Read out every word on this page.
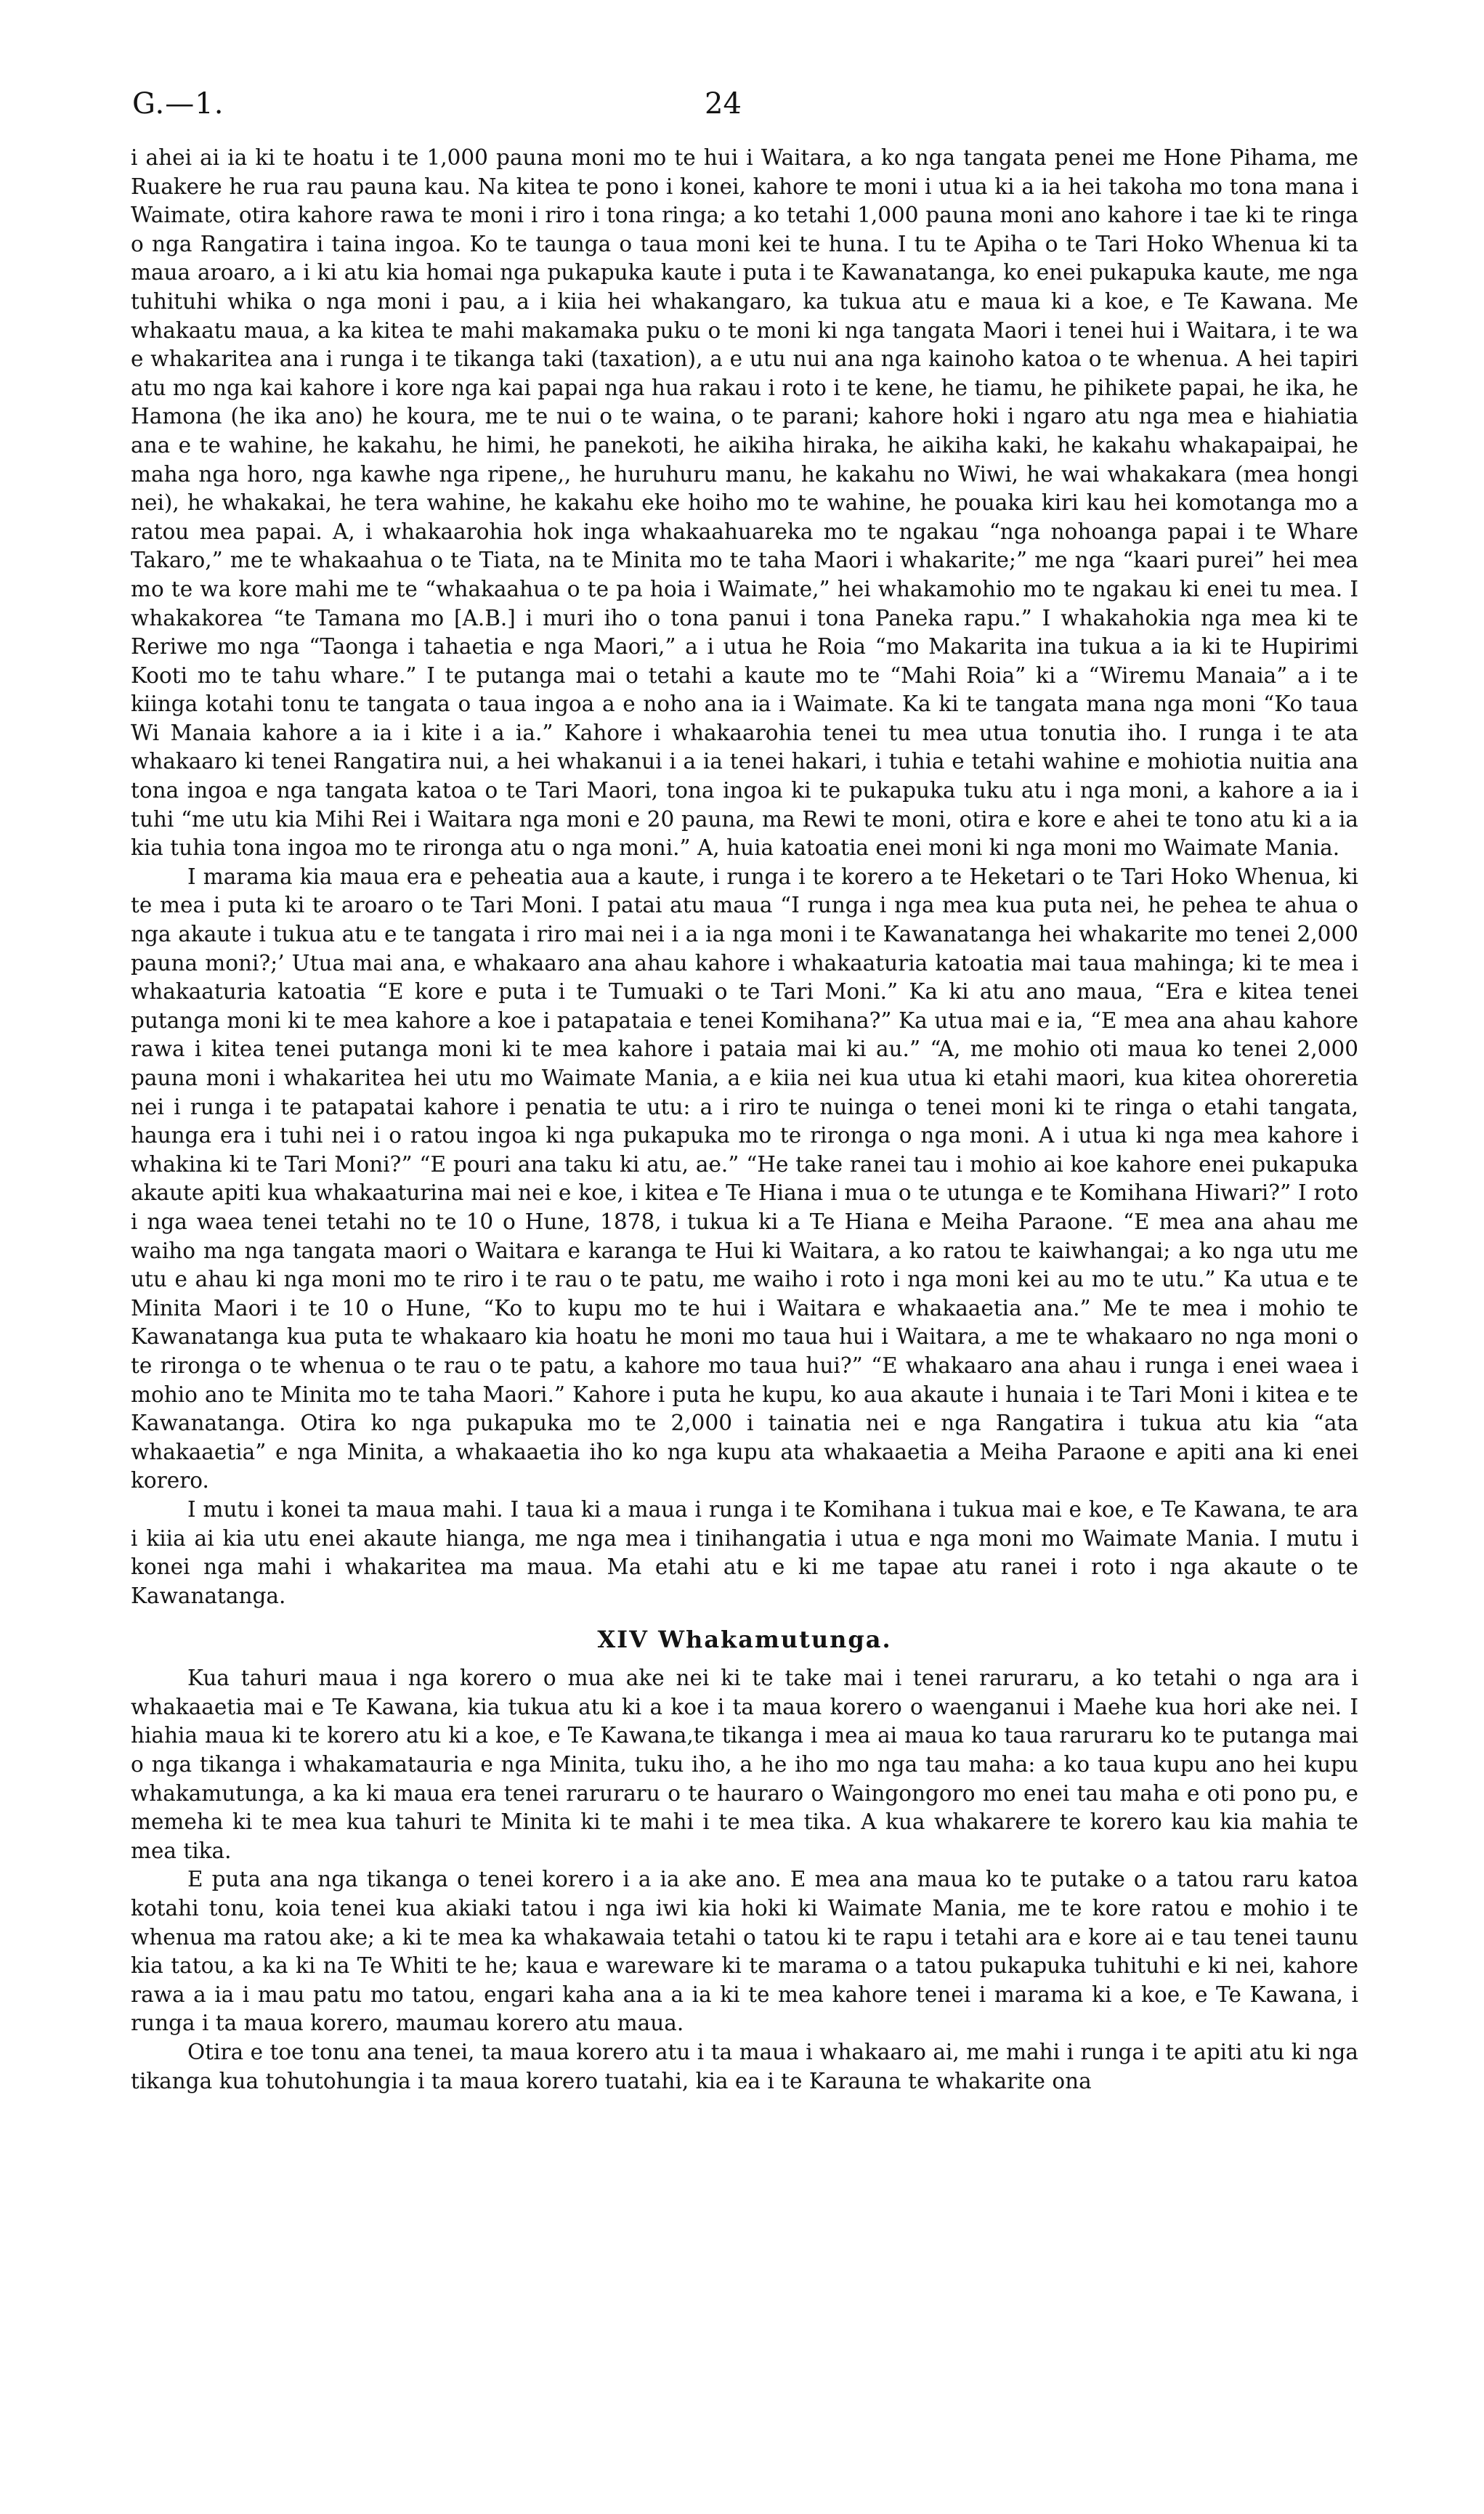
G.—1.	24

i ahei ai ia ki te hoatu i te 1,000 pauna moni mo te hui i Waitara, a ko nga tangata penei me Hone Pihama, me Ruakere he rua rau pauna kau. Na kitea te pono i konei, kahore te moni i utua ki a ia hei takoha mo tona mana i Waimate, otira kahore rawa te moni i riro i tona ringa; a ko tetahi 1,000 pauna moni ano kahore i tae ki te ringa o nga Rangatira i taina ingoa. Ko te taunga o taua moni kei te huna. I tu te Apiha o te Tari Hoko Whenua ki ta maua aroaro, a i ki atu kia homai nga pukapuka kaute i puta i te Kawanatanga, ko enei pukapuka kaute, me nga tuhituhi whika o nga moni i pau, a i kiia hei whakangaro, ka tukua atu e maua ki a koe, e Te Kawana. Me whakaatu maua, a ka kitea te mahi makamaka puku o te moni ki nga tangata Maori i tenei hui i Waitara, i te wa e whakaritea ana i runga i te tikanga taki (taxation), a e utu nui ana nga kainoho katoa o te whenua. A hei tapiri atu mo nga kai kahore i kore nga kai papai nga hua rakau i roto i te kene, he tiamu, he pihikete papai, he ika, he Hamona (he ika ano) he koura, me te nui o te waina, o te parani; kahore hoki i ngaro atu nga mea e hiahiatia ana e te wahine, he kakahu, he himi, he panekoti, he aikiha hiraka, he aikiha kaki, he kakahu whakapaipai, he maha nga horo, nga kawhe nga ripene,, he huruhuru manu, he kakahu no Wiwi, he wai whakakara (mea hongi nei), he whakakai, he tera wahine, he kakahu eke hoiho mo te wahine, he pouaka kiri kau hei komotanga mo a ratou mea papai. A, i whakaarohia hok inga whakaahuareka mo te ngakau “nga nohoanga papai i te Whare Takaro,” me te whakaahua o te Tiata, na te Minita mo te taha Maori i whakarite;” me nga “kaari purei” hei mea mo te wa kore mahi me te “whakaahua o te pa hoia i Waimate,” hei whakamohio mo te ngakau ki enei tu mea. I whakakorea “te Tamana mo [A.B.] i muri iho o tona panui i tona Paneka rapu.” I whakahokia nga mea ki te Reriwe mo nga “Taonga i tahaetia e nga Maori,” a i utua he Roia “mo Makarita ina tukua a ia ki te Hupirimi Kooti mo te tahu whare.” I te putanga mai o tetahi a kaute mo te “Mahi Roia” ki a “Wiremu Manaia” a i te kiinga kotahi tonu te tangata o taua ingoa a e noho ana ia i Waimate. Ka ki te tangata mana nga moni “Ko taua Wi Manaia kahore a ia i kite i a ia.” Kahore i whakaarohia tenei tu mea utua tonutia iho. I runga i te ata whakaaro ki tenei Rangatira nui, a hei whakanui i a ia tenei hakari, i tuhia e tetahi wahine e mohiotia nuitia ana tona ingoa e nga tangata katoa o te Tari Maori, tona ingoa ki te pukapuka tuku atu i nga moni, a kahore a ia i tuhi “me utu kia Mihi Rei i Waitara nga moni e 20 pauna, ma Rewi te moni, otira e kore e ahei te tono atu ki a ia kia tuhia tona ingoa mo te rironga atu o nga moni.” A, huia katoatia enei moni ki nga moni mo Waimate Mania.

I marama kia maua era e peheatia aua a kaute, i runga i te korero a te Heketari o te Tari Hoko Whenua, ki te mea i puta ki te aroaro o te Tari Moni. I patai atu maua “I runga i nga mea kua puta nei, he pehea te ahua o nga akaute i tukua atu e te tangata i riro mai nei i a ia nga moni i te Kawanatanga hei whakarite mo tenei 2,000 pauna moni?;’ Utua mai ana, e whakaaro ana ahau kahore i whakaaturia katoatia mai taua mahinga; ki te mea i whakaaturia katoatia “E kore e puta i te Tumuaki o te Tari Moni.” Ka ki atu ano maua, “Era e kitea tenei putanga moni ki te mea kahore a koe i patapataia e tenei Komihana?” Ka utua mai e ia, “E mea ana ahau kahore rawa i kitea tenei putanga moni ki te mea kahore i pataia mai ki au.” “A, me mohio oti maua ko tenei 2,000 pauna moni i whakaritea hei utu mo Waimate Mania, a e kiia nei kua utua ki etahi maori, kua kitea ohoreretia nei i runga i te patapatai kahore i penatia te utu: a i riro te nuinga o tenei moni ki te ringa o etahi tangata, haunga era i tuhi nei i o ratou ingoa ki nga pukapuka mo te rironga o nga moni. A i utua ki nga mea kahore i whakina ki te Tari Moni?” “E pouri ana taku ki atu, ae.” “He take ranei tau i mohio ai koe kahore enei pukapuka akaute apiti kua whakaaturina mai nei e koe, i kitea e Te Hiana i mua o te utunga e te Komihana Hiwari?” I roto i nga waea tenei tetahi no te 10 o Hune, 1878, i tukua ki a Te Hiana e Meiha Paraone. “E mea ana ahau me waiho ma nga tangata maori o Waitara e karanga te Hui ki Waitara, a ko ratou te kaiwhangai; a ko nga utu me utu e ahau ki nga moni mo te riro i te rau o te patu, me waiho i roto i nga moni kei au mo te utu.” Ka utua e te Minita Maori i te 10 o Hune, “Ko to kupu mo te hui i Waitara e whakaaetia ana.” Me te mea i mohio te Kawanatanga kua puta te whakaaro kia hoatu he moni mo taua hui i Waitara, a me te whakaaro no nga moni o te rironga o te whenua o te rau o te patu, a kahore mo taua hui?” “E whakaaro ana ahau i runga i enei waea i mohio ano te Minita mo te taha Maori.” Kahore i puta he kupu, ko aua akaute i hunaia i te Tari Moni i kitea e te Kawanatanga. Otira ko nga pukapuka mo te 2,000 i tainatia nei e nga Rangatira i tukua atu kia “ata whakaaetia” e nga Minita, a whakaaetia iho ko nga kupu ata whakaaetia a Meiha Paraone e apiti ana ki enei korero.

I mutu i konei ta maua mahi. I taua ki a maua i runga i te Komihana i tukua mai e koe, e Te Kawana, te ara i kiia ai kia utu enei akaute hianga, me nga mea i tinihangatia i utua e nga moni mo Waimate Mania. I mutu i konei nga mahi i whakaritea ma maua. Ma etahi atu e ki me tapae atu ranei i roto i nga akaute o te Kawanatanga.

XIV Whakamutunga.

Kua tahuri maua i nga korero o mua ake nei ki te take mai i tenei raruraru, a ko tetahi o nga ara i whakaaetia mai e Te Kawana, kia tukua atu ki a koe i ta maua korero o waenganui i Maehe kua hori ake nei. I hiahia maua ki te korero atu ki a koe, e Te Kawana,te tikanga i mea ai maua ko taua raruraru ko te putanga mai o nga tikanga i whakamatauria e nga Minita, tuku iho, a he iho mo nga tau maha: a ko taua kupu ano hei kupu whakamutunga, a ka ki maua era tenei raruraru o te hauraro o Waingongoro mo enei tau maha e oti pono pu, e memeha ki te mea kua tahuri te Minita ki te mahi i te mea tika. A kua whakarere te korero kau kia mahia te mea tika.

E puta ana nga tikanga o tenei korero i a ia ake ano. E mea ana maua ko te putake o a tatou raru katoa kotahi tonu, koia tenei kua akiaki tatou i nga iwi kia hoki ki Waimate Mania, me te kore ratou e mohio i te whenua ma ratou ake; a ki te mea ka whakawaia tetahi o tatou ki te rapu i tetahi ara e kore ai e tau tenei taunu kia tatou, a ka ki na Te Whiti te he; kaua e wareware ki te marama o a tatou pukapuka tuhituhi e ki nei, kahore rawa a ia i mau patu mo tatou, engari kaha ana a ia ki te mea kahore tenei i marama ki a koe, e Te Kawana, i runga i ta maua korero, maumau korero atu maua.

Otira e toe tonu ana tenei, ta maua korero atu i ta maua i whakaaro ai, me mahi i runga i te apiti atu ki nga tikanga kua tohutohungia i ta maua korero tuatahi, kia ea i te Karauna te whakarite ona
